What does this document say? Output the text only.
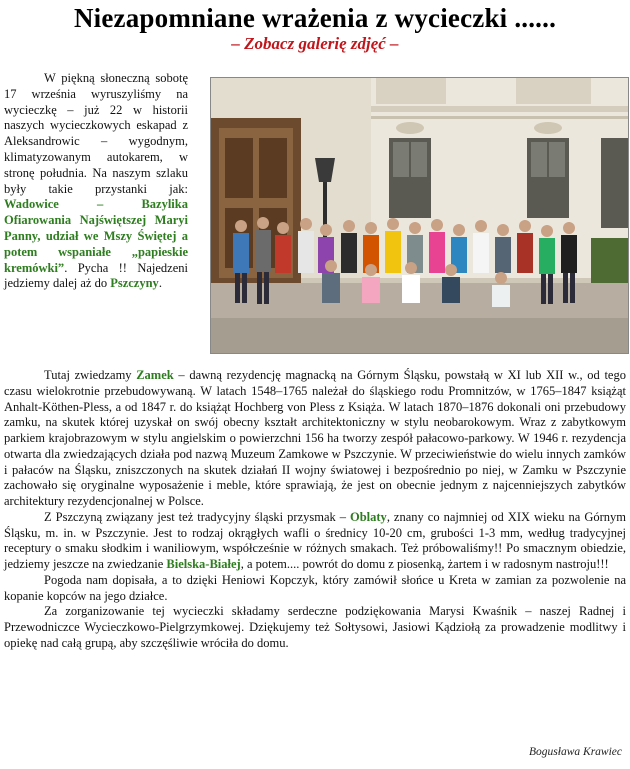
Niezapomniane wrażenia z wycieczki ......
– Zobacz galerię zdjęć –

W piękną słoneczną sobotę 17 września wyruszyliśmy na wycieczkę – już 22 w historii naszych wycieczkowych eskapad z Aleksandrowic – wygodnym, klimatyzowanym autokarem, w stronę południa. Na naszym szlaku były takie przystanki jak: Wadowice – Bazylika Ofiarowania Najświętszej Maryi Panny, udział we Mszy Świętej a potem wspaniałe „papieskie kremówki”. Pycha !! Najedzeni jedziemy dalej aż do Pszczyny.

Tutaj zwiedzamy Zamek – dawną rezydencję magnacką na Górnym Śląsku, powstałą w XI lub XII w., od tego czasu wielokrotnie przebudowywaną. W latach 1548–1765 należał do śląskiego rodu Promnitzów, w 1765–1847 książąt Anhalt-Köthen-Pless, a od 1847 r. do książąt Hochberg von Pless z Książa. W latach 1870–1876 dokonali oni przebudowy zamku, na skutek której uzyskał on swój obecny kształt architektoniczny w stylu neobarokowym. Wraz z zabytkowym parkiem krajobrazowym w stylu angielskim o powierzchni 156 ha tworzy zespół pałacowo-parkowy. W 1946 r. rezydencja otwarta dla zwiedzających działa pod nazwą Muzeum Zamkowe w Pszczynie. W przeciwieństwie do wielu innych zamków i pałaców na Śląsku, zniszczonych na skutek działań II wojny światowej i bezpośrednio po niej, w Zamku w Pszczynie zachowało się oryginalne wyposażenie i meble, które sprawiają, że jest on obecnie jednym z najcenniejszych zabytków architektury rezydencjonalnej w Polsce.

Z Pszczyną związany jest też tradycyjny śląski przysmak – Oblaty, znany co najmniej od XIX wieku na Górnym Śląsku, m. in. w Pszczynie. Jest to rodzaj okrągłych wafli o średnicy 10-20 cm, grubości 1-3 mm, według tradycyjnej receptury o smaku słodkim i waniliowym, współcześnie w różnych smakach. Też próbowaliśmy!! Po smacznym obiedzie, jedziemy jeszcze na zwiedzanie Bielska-Białej, a potem.... powrót do domu z piosenką, żartem i w radosnym nastroju!!!

Pogoda nam dopisała, a to dzięki Heniowi Kopczyk, który zamówił słońce u Kreta w zamian za pozwolenie na kopanie kopców na jego działce.

Za zorganizowanie tej wycieczki składamy serdeczne podziękowania Marysi Kwaśnik – naszej Radnej i Przewodniczce Wycieczkowo-Pielgrzymkowej. Dziękujemy też Sołtysowi, Jasiowi Kądziołą za prowadzenie modlitwy i opiekę nad całą grupą, aby szczęśliwie wróciła do domu.

Bogusława Krawiec
